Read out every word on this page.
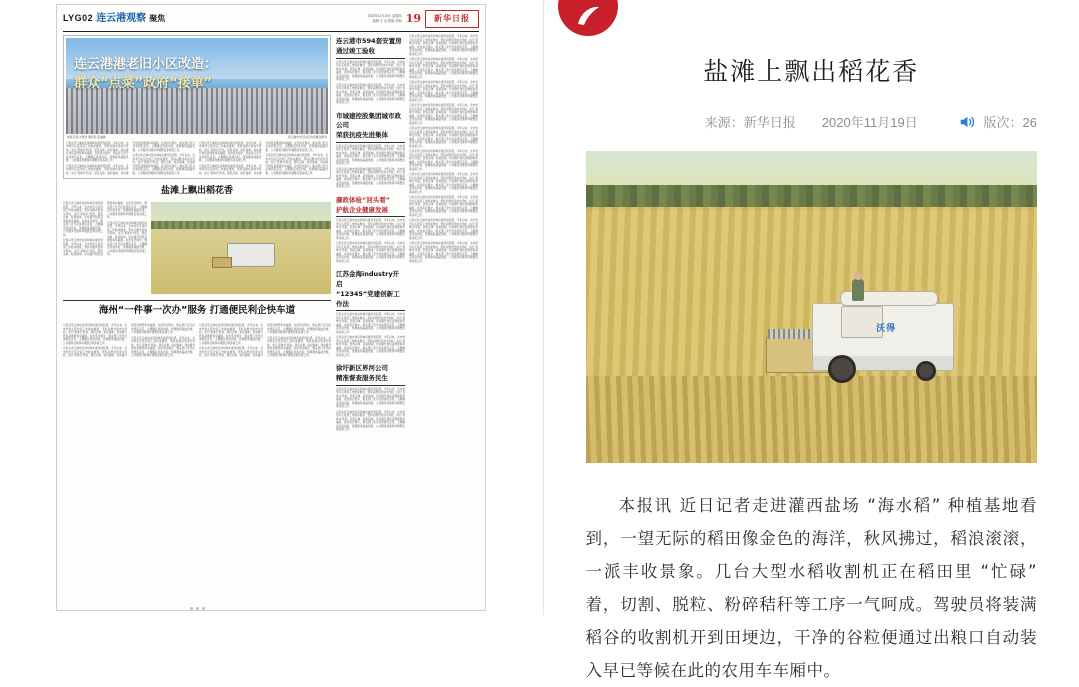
LYG02 连云港观察 聚焦	2020年11月19日 星期四
编辑 王 岩 排版 李响 19	新华日报
连云港港老旧小区改造：
群众“点菜”政府“接单”
本报记者 吉凤竹 通讯员 张晨晨	连云港市老旧小区改造惠及群众

记者从连云港市住房和城乡建设局获悉，今年以来，全市老旧小区改造工作稳步推进，坚持以群众需求为导向，实行“菜单式”改造，居民点单、政府接单，切实提升居民获得感和幸福感。在改造过程中，相关部门充分征求居民意见，合理确定改造内容，统筹推进基础设施、公共服务设施和环境整治等各项工作。

记者从连云港市住房和城乡建设局获悉，今年以来，全市老旧小区改造工作稳步推进，坚持以群众需求为导向，实行“菜单式”改造，居民点单、政府接单，切实提升居民获得感和幸福感。在改造过程中，相关部门充分征求居民意见，合理确定改造内容，统筹推进基础设施、公共服务设施和环境整治等各项工作。

记者从连云港市住房和城乡建设局获悉，今年以来，全市老旧小区改造工作稳步推进，坚持以群众需求为导向，实行“菜单式”改造，居民点单、政府接单，切实提升居民获得感和幸福感。在改造过程中，相关部门充分征求居民意见，合理确定改造内容，统筹推进基础设施、公共服务设施和环境整治等各项工作。

记者从连云港市住房和城乡建设局获悉，今年以来，全市老旧小区改造工作稳步推进，坚持以群众需求为导向，实行“菜单式”改造，居民点单、政府接单，切实提升居民获得感和幸福感。在改造过程中，相关部门充分征求居民意见，合理确定改造内容，统筹推进基础设施、公共服务设施和环境整治等各项工作。

记者从连云港市住房和城乡建设局获悉，今年以来，全市老旧小区改造工作稳步推进，坚持以群众需求为导向，实行“菜单式”改造，居民点单、政府接单，切实提升居民获得感和幸福感。在改造过程中，相关部门充分征求居民意见，合理确定改造内容，统筹推进基础设施、公共服务设施和环境整治等各项工作。

记者从连云港市住房和城乡建设局获悉，今年以来，全市老旧小区改造工作稳步推进，坚持以群众需求为导向，实行“菜单式”改造，居民点单、政府接单，切实提升居民获得感和幸福感。在改造过程中，相关部门充分征求居民意见，合理确定改造内容，统筹推进基础设施、公共服务设施和环境整治等各项工作。

盐滩上飘出稻花香

记者从连云港市住房和城乡建设局获悉，今年以来，全市老旧小区改造工作稳步推进，坚持以群众需求为导向，实行“菜单式”改造，居民点单、政府接单，切实提升居民获得感和幸福感。在改造过程中，相关部门充分征求居民意见，合理确定改造内容，统筹推进基础设施、公共服务设施和环境整治等各项工作。

记者从连云港市住房和城乡建设局获悉，今年以来，全市老旧小区改造工作稳步推进，坚持以群众需求为导向，实行“菜单式”改造，居民点单、政府接单，切实提升居民获得感和幸福感。在改造过程中，相关部门充分征求居民意见，合理确定改造内容，统筹推进基础设施、公共服务设施和环境整治等各项工作。

记者从连云港市住房和城乡建设局获悉，今年以来，全市老旧小区改造工作稳步推进，坚持以群众需求为导向，实行“菜单式”改造，居民点单、政府接单，切实提升居民获得感和幸福感。在改造过程中，相关部门充分征求居民意见，合理确定改造内容，统筹推进基础设施、公共服务设施和环境整治等各项工作。

海州“一件事一次办”服务 打通便民利企快车道

记者从连云港市住房和城乡建设局获悉，今年以来，全市老旧小区改造工作稳步推进，坚持以群众需求为导向，实行“菜单式”改造，居民点单、政府接单，切实提升居民获得感和幸福感。在改造过程中，相关部门充分征求居民意见，合理确定改造内容，统筹推进基础设施、公共服务设施和环境整治等各项工作。

记者从连云港市住房和城乡建设局获悉，今年以来，全市老旧小区改造工作稳步推进，坚持以群众需求为导向，实行“菜单式”改造，居民点单、政府接单，切实提升居民获得感和幸福感。在改造过程中，相关部门充分征求居民意见，合理确定改造内容，统筹推进基础设施、公共服务设施和环境整治等各项工作。

记者从连云港市住房和城乡建设局获悉，今年以来，全市老旧小区改造工作稳步推进，坚持以群众需求为导向，实行“菜单式”改造，居民点单、政府接单，切实提升居民获得感和幸福感。在改造过程中，相关部门充分征求居民意见，合理确定改造内容，统筹推进基础设施、公共服务设施和环境整治等各项工作。

记者从连云港市住房和城乡建设局获悉，今年以来，全市老旧小区改造工作稳步推进，坚持以群众需求为导向，实行“菜单式”改造，居民点单、政府接单，切实提升居民获得感和幸福感。在改造过程中，相关部门充分征求居民意见，合理确定改造内容，统筹推进基础设施、公共服务设施和环境整治等各项工作。

记者从连云港市住房和城乡建设局获悉，今年以来，全市老旧小区改造工作稳步推进，坚持以群众需求为导向，实行“菜单式”改造，居民点单、政府接单，切实提升居民获得感和幸福感。在改造过程中，相关部门充分征求居民意见，合理确定改造内容，统筹推进基础设施、公共服务设施和环境整治等各项工作。

记者从连云港市住房和城乡建设局获悉，今年以来，全市老旧小区改造工作稳步推进，坚持以群众需求为导向，实行“菜单式”改造，居民点单、政府接单，切实提升居民获得感和幸福感。在改造过程中，相关部门充分征求居民意见，合理确定改造内容，统筹推进基础设施、公共服务设施和环境整治等各项工作。

连云港市594套安置房
通过竣工验收

记者从连云港市住房和城乡建设局获悉，今年以来，全市老旧小区改造工作稳步推进，坚持以群众需求为导向，实行“菜单式”改造，居民点单、政府接单，切实提升居民获得感和幸福感。在改造过程中，相关部门充分征求居民意见，合理确定改造内容，统筹推进基础设施、公共服务设施和环境整治等各项工作。

记者从连云港市住房和城乡建设局获悉，今年以来，全市老旧小区改造工作稳步推进，坚持以群众需求为导向，实行“菜单式”改造，居民点单、政府接单，切实提升居民获得感和幸福感。在改造过程中，相关部门充分征求居民意见，合理确定改造内容，统筹推进基础设施、公共服务设施和环境整治等各项工作。

市城建控股集团城市政公司
荣获抗疫先进集体

记者从连云港市住房和城乡建设局获悉，今年以来，全市老旧小区改造工作稳步推进，坚持以群众需求为导向，实行“菜单式”改造，居民点单、政府接单，切实提升居民获得感和幸福感。在改造过程中，相关部门充分征求居民意见，合理确定改造内容，统筹推进基础设施、公共服务设施和环境整治等各项工作。

记者从连云港市住房和城乡建设局获悉，今年以来，全市老旧小区改造工作稳步推进，坚持以群众需求为导向，实行“菜单式”改造，居民点单、政府接单，切实提升居民获得感和幸福感。在改造过程中，相关部门充分征求居民意见，合理确定改造内容，统筹推进基础设施、公共服务设施和环境整治等各项工作。

廉政体检“回头看”
护航企业健康发展

记者从连云港市住房和城乡建设局获悉，今年以来，全市老旧小区改造工作稳步推进，坚持以群众需求为导向，实行“菜单式”改造，居民点单、政府接单，切实提升居民获得感和幸福感。在改造过程中，相关部门充分征求居民意见，合理确定改造内容，统筹推进基础设施、公共服务设施和环境整治等各项工作。

记者从连云港市住房和城乡建设局获悉，今年以来，全市老旧小区改造工作稳步推进，坚持以群众需求为导向，实行“菜单式”改造，居民点单、政府接单，切实提升居民获得感和幸福感。在改造过程中，相关部门充分征求居民意见，合理确定改造内容，统筹推进基础设施、公共服务设施和环境整治等各项工作。

江苏金海industry开启
“12345”党建创新工作法

记者从连云港市住房和城乡建设局获悉，今年以来，全市老旧小区改造工作稳步推进，坚持以群众需求为导向，实行“菜单式”改造，居民点单、政府接单，切实提升居民获得感和幸福感。在改造过程中，相关部门充分征求居民意见，合理确定改造内容，统筹推进基础设施、公共服务设施和环境整治等各项工作。

记者从连云港市住房和城乡建设局获悉，今年以来，全市老旧小区改造工作稳步推进，坚持以群众需求为导向，实行“菜单式”改造，居民点单、政府接单，切实提升居民获得感和幸福感。在改造过程中，相关部门充分征求居民意见，合理确定改造内容，统筹推进基础设施、公共服务设施和环境整治等各项工作。

徐圩新区界河公司
精准督查服务民生

记者从连云港市住房和城乡建设局获悉，今年以来，全市老旧小区改造工作稳步推进，坚持以群众需求为导向，实行“菜单式”改造，居民点单、政府接单，切实提升居民获得感和幸福感。在改造过程中，相关部门充分征求居民意见，合理确定改造内容，统筹推进基础设施、公共服务设施和环境整治等各项工作。

记者从连云港市住房和城乡建设局获悉，今年以来，全市老旧小区改造工作稳步推进，坚持以群众需求为导向，实行“菜单式”改造，居民点单、政府接单，切实提升居民获得感和幸福感。在改造过程中，相关部门充分征求居民意见，合理确定改造内容，统筹推进基础设施、公共服务设施和环境整治等各项工作。

记者从连云港市住房和城乡建设局获悉，今年以来，全市老旧小区改造工作稳步推进，坚持以群众需求为导向，实行“菜单式”改造，居民点单、政府接单，切实提升居民获得感和幸福感。在改造过程中，相关部门充分征求居民意见，合理确定改造内容，统筹推进基础设施、公共服务设施和环境整治等各项工作。

记者从连云港市住房和城乡建设局获悉，今年以来，全市老旧小区改造工作稳步推进，坚持以群众需求为导向，实行“菜单式”改造，居民点单、政府接单，切实提升居民获得感和幸福感。在改造过程中，相关部门充分征求居民意见，合理确定改造内容，统筹推进基础设施、公共服务设施和环境整治等各项工作。

记者从连云港市住房和城乡建设局获悉，今年以来，全市老旧小区改造工作稳步推进，坚持以群众需求为导向，实行“菜单式”改造，居民点单、政府接单，切实提升居民获得感和幸福感。在改造过程中，相关部门充分征求居民意见，合理确定改造内容，统筹推进基础设施、公共服务设施和环境整治等各项工作。

记者从连云港市住房和城乡建设局获悉，今年以来，全市老旧小区改造工作稳步推进，坚持以群众需求为导向，实行“菜单式”改造，居民点单、政府接单，切实提升居民获得感和幸福感。在改造过程中，相关部门充分征求居民意见，合理确定改造内容，统筹推进基础设施、公共服务设施和环境整治等各项工作。

记者从连云港市住房和城乡建设局获悉，今年以来，全市老旧小区改造工作稳步推进，坚持以群众需求为导向，实行“菜单式”改造，居民点单、政府接单，切实提升居民获得感和幸福感。在改造过程中，相关部门充分征求居民意见，合理确定改造内容，统筹推进基础设施、公共服务设施和环境整治等各项工作。

记者从连云港市住房和城乡建设局获悉，今年以来，全市老旧小区改造工作稳步推进，坚持以群众需求为导向，实行“菜单式”改造，居民点单、政府接单，切实提升居民获得感和幸福感。在改造过程中，相关部门充分征求居民意见，合理确定改造内容，统筹推进基础设施、公共服务设施和环境整治等各项工作。

记者从连云港市住房和城乡建设局获悉，今年以来，全市老旧小区改造工作稳步推进，坚持以群众需求为导向，实行“菜单式”改造，居民点单、政府接单，切实提升居民获得感和幸福感。在改造过程中，相关部门充分征求居民意见，合理确定改造内容，统筹推进基础设施、公共服务设施和环境整治等各项工作。

记者从连云港市住房和城乡建设局获悉，今年以来，全市老旧小区改造工作稳步推进，坚持以群众需求为导向，实行“菜单式”改造，居民点单、政府接单，切实提升居民获得感和幸福感。在改造过程中，相关部门充分征求居民意见，合理确定改造内容，统筹推进基础设施、公共服务设施和环境整治等各项工作。

记者从连云港市住房和城乡建设局获悉，今年以来，全市老旧小区改造工作稳步推进，坚持以群众需求为导向，实行“菜单式”改造，居民点单、政府接单，切实提升居民获得感和幸福感。在改造过程中，相关部门充分征求居民意见，合理确定改造内容，统筹推进基础设施、公共服务设施和环境整治等各项工作。

记者从连云港市住房和城乡建设局获悉，今年以来，全市老旧小区改造工作稳步推进，坚持以群众需求为导向，实行“菜单式”改造，居民点单、政府接单，切实提升居民获得感和幸福感。在改造过程中，相关部门充分征求居民意见，合理确定改造内容，统筹推进基础设施、公共服务设施和环境整治等各项工作。

盐滩上飘出稻花香
来源：新华日报 2020年11月19日	版次：26
沃得

本报讯 近日记者走进灌西盐场 “海水稻” 种植基地看到，一望无际的稻田像金色的海洋，秋风拂过，稻浪滚滚，一派丰收景象。几台大型水稻收割机正在稻田里 “忙碌” 着，切割、脱粒、粉碎秸秆等工序一气呵成。驾驶员将装满稻谷的收割机开到田埂边，干净的谷粒便通过出粮口自动装入早已等候在此的农用车车厢中。
